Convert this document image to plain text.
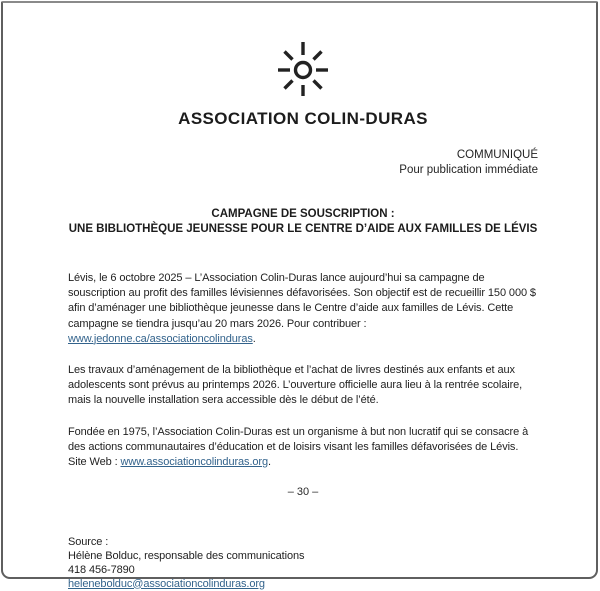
ASSOCIATION COLIN-DURAS
COMMUNIQUÉ
Pour publication immédiate
CAMPAGNE DE SOUSCRIPTION :
UNE BIBLIOTHÈQUE JEUNESSE POUR LE CENTRE D’AIDE AUX FAMILLES DE LÉVIS

Lévis, le 6 octobre 2025 – L’Association Colin-Duras lance aujourd’hui sa campagne de souscription au profit des familles lévisiennes défavorisées. Son objectif est de recueillir 150 000 $ afin d’aménager une bibliothèque jeunesse dans le Centre d’aide aux familles de Lévis. Cette campagne se tiendra jusqu’au 20 mars 2026. Pour contribuer : www.jedonne.ca/associationcolinduras.

Les travaux d’aménagement de la bibliothèque et l’achat de livres destinés aux enfants et aux adolescents sont prévus au printemps 2026. L’ouverture officielle aura lieu à la rentrée scolaire, mais la nouvelle installation sera accessible dès le début de l’été.

Fondée en 1975, l’Association Colin-Duras est un organisme à but non lucratif qui se consacre à des actions communautaires d’éducation et de loisirs visant les familles défavorisées de Lévis. Site Web : www.associationcolinduras.org.

– 30 –
Source :
Hélène Bolduc, responsable des communications
418 456-7890
helenebolduc@associationcolinduras.org
